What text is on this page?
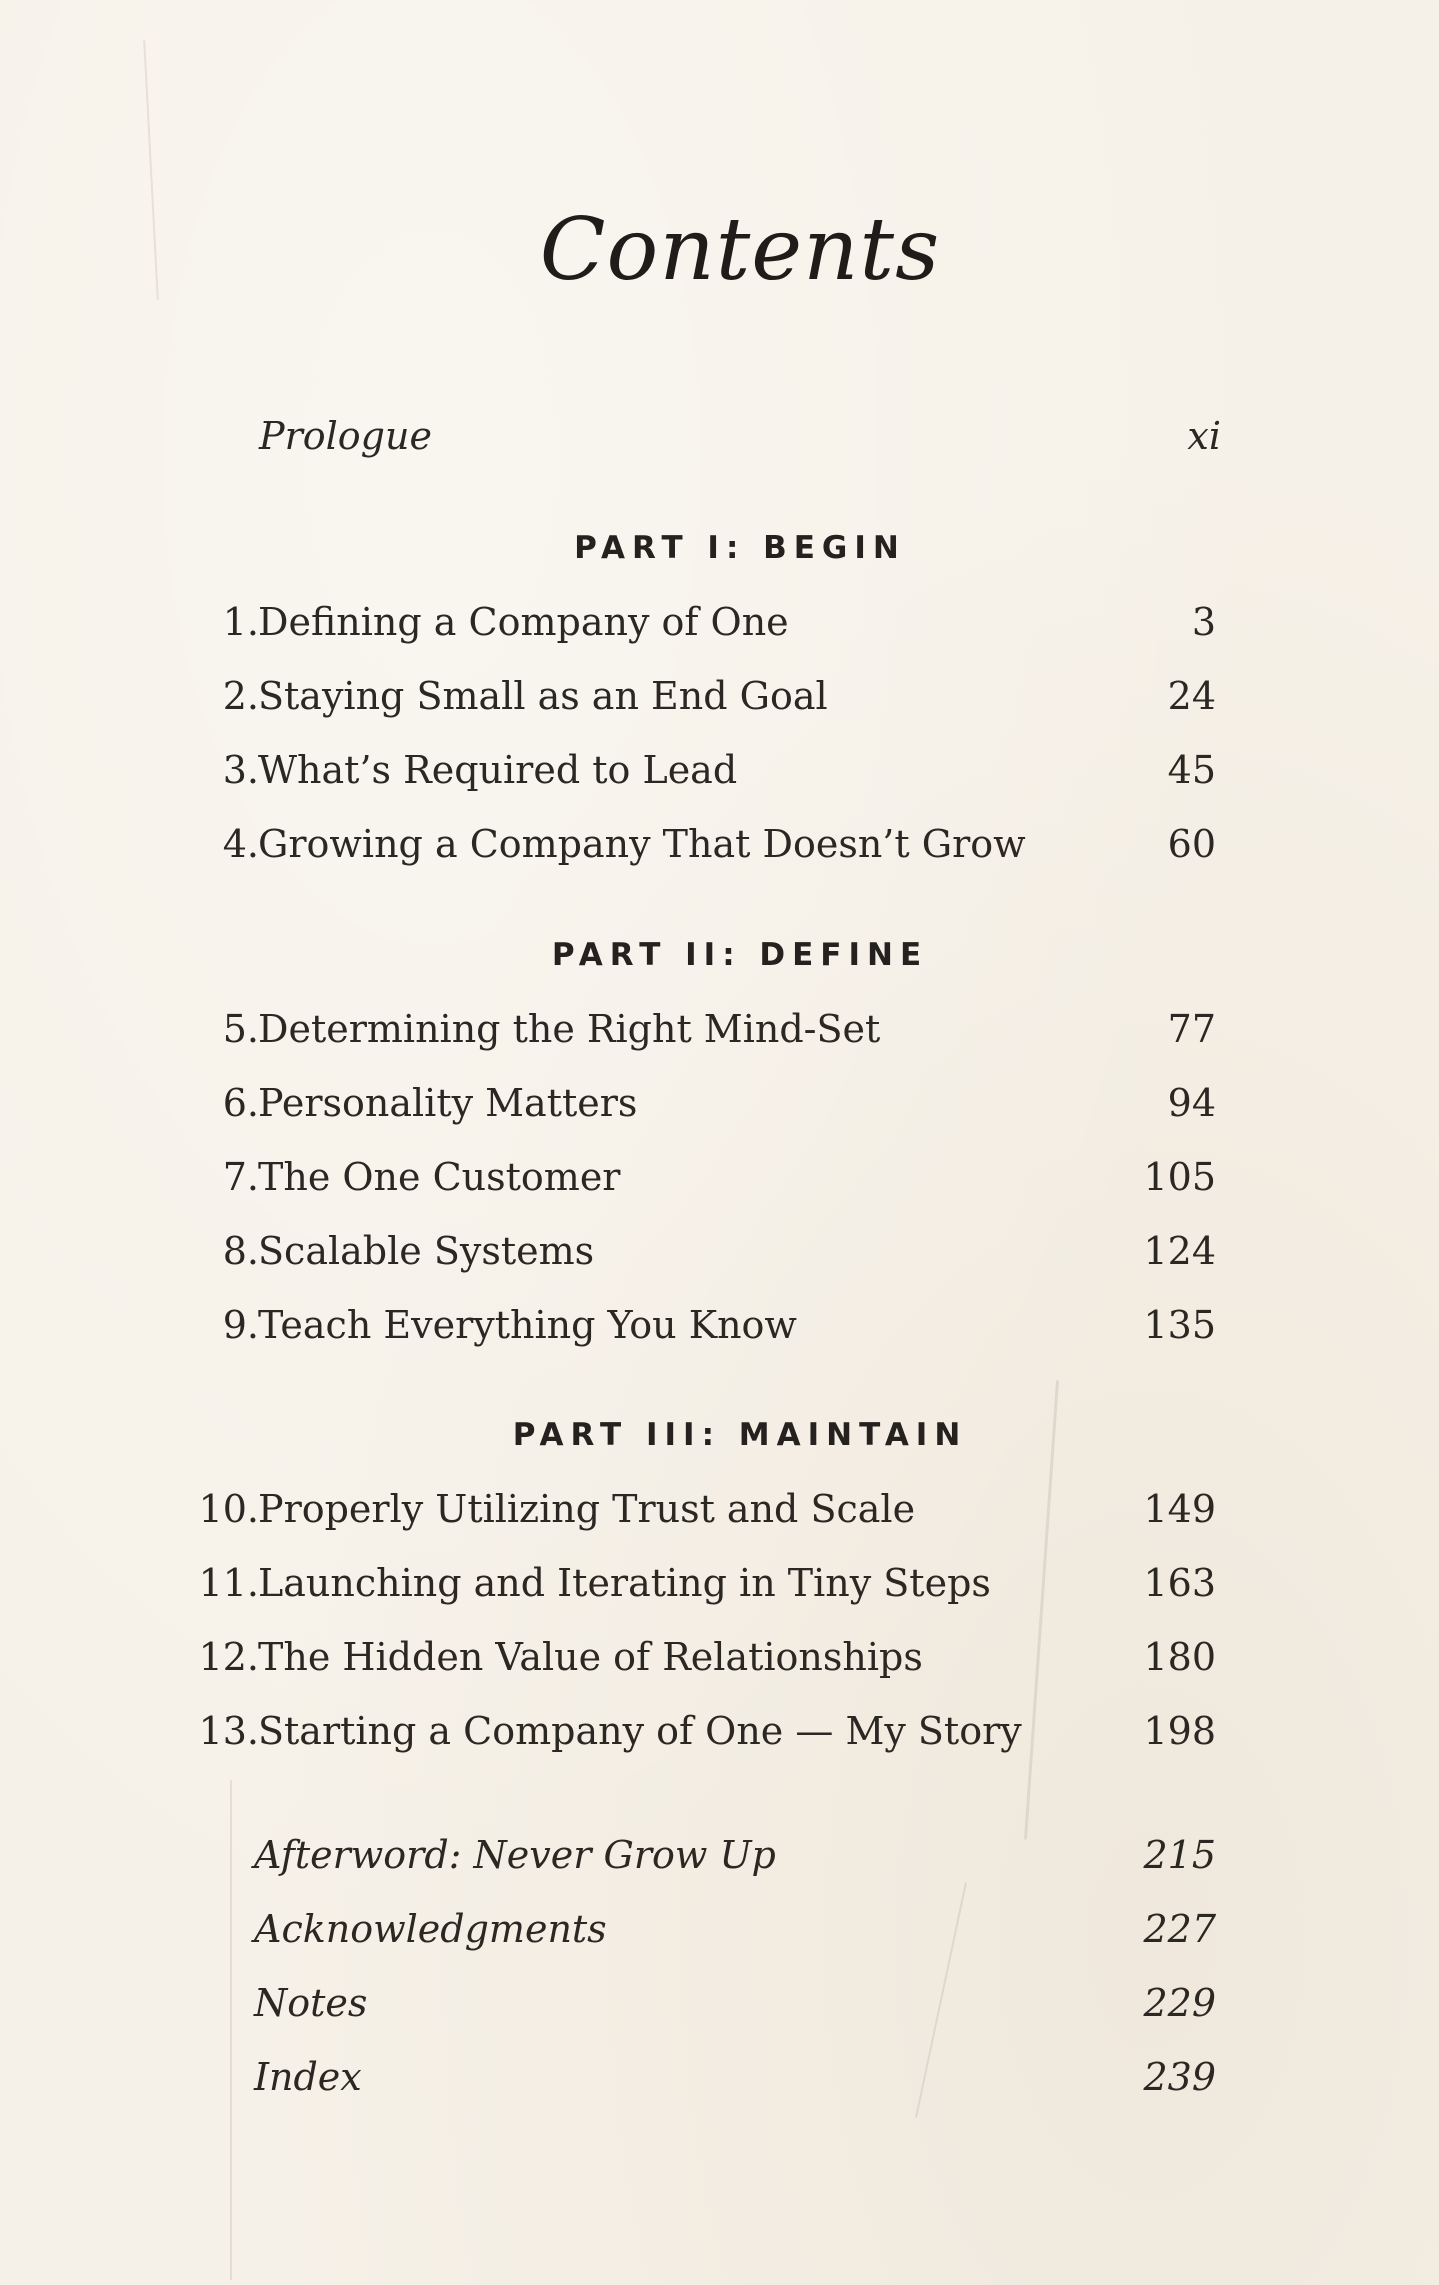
Contents
Prologue	xi
PART I: BEGIN
1. Defining a Company of One	3
2. Staying Small as an End Goal	24
3. What’s Required to Lead	45
4. Growing a Company That Doesn’t Grow	60
PART II: DEFINE
5. Determining the Right Mind-Set	77
6. Personality Matters	94
7. The One Customer	105
8. Scalable Systems	124
9. Teach Everything You Know	135
PART III: MAINTAIN
10. Properly Utilizing Trust and Scale	149
11. Launching and Iterating in Tiny Steps	163
12. The Hidden Value of Relationships	180
13. Starting a Company of One — My Story	198
Afterword: Never Grow Up	215
Acknowledgments	227
Notes	229
Index	239
